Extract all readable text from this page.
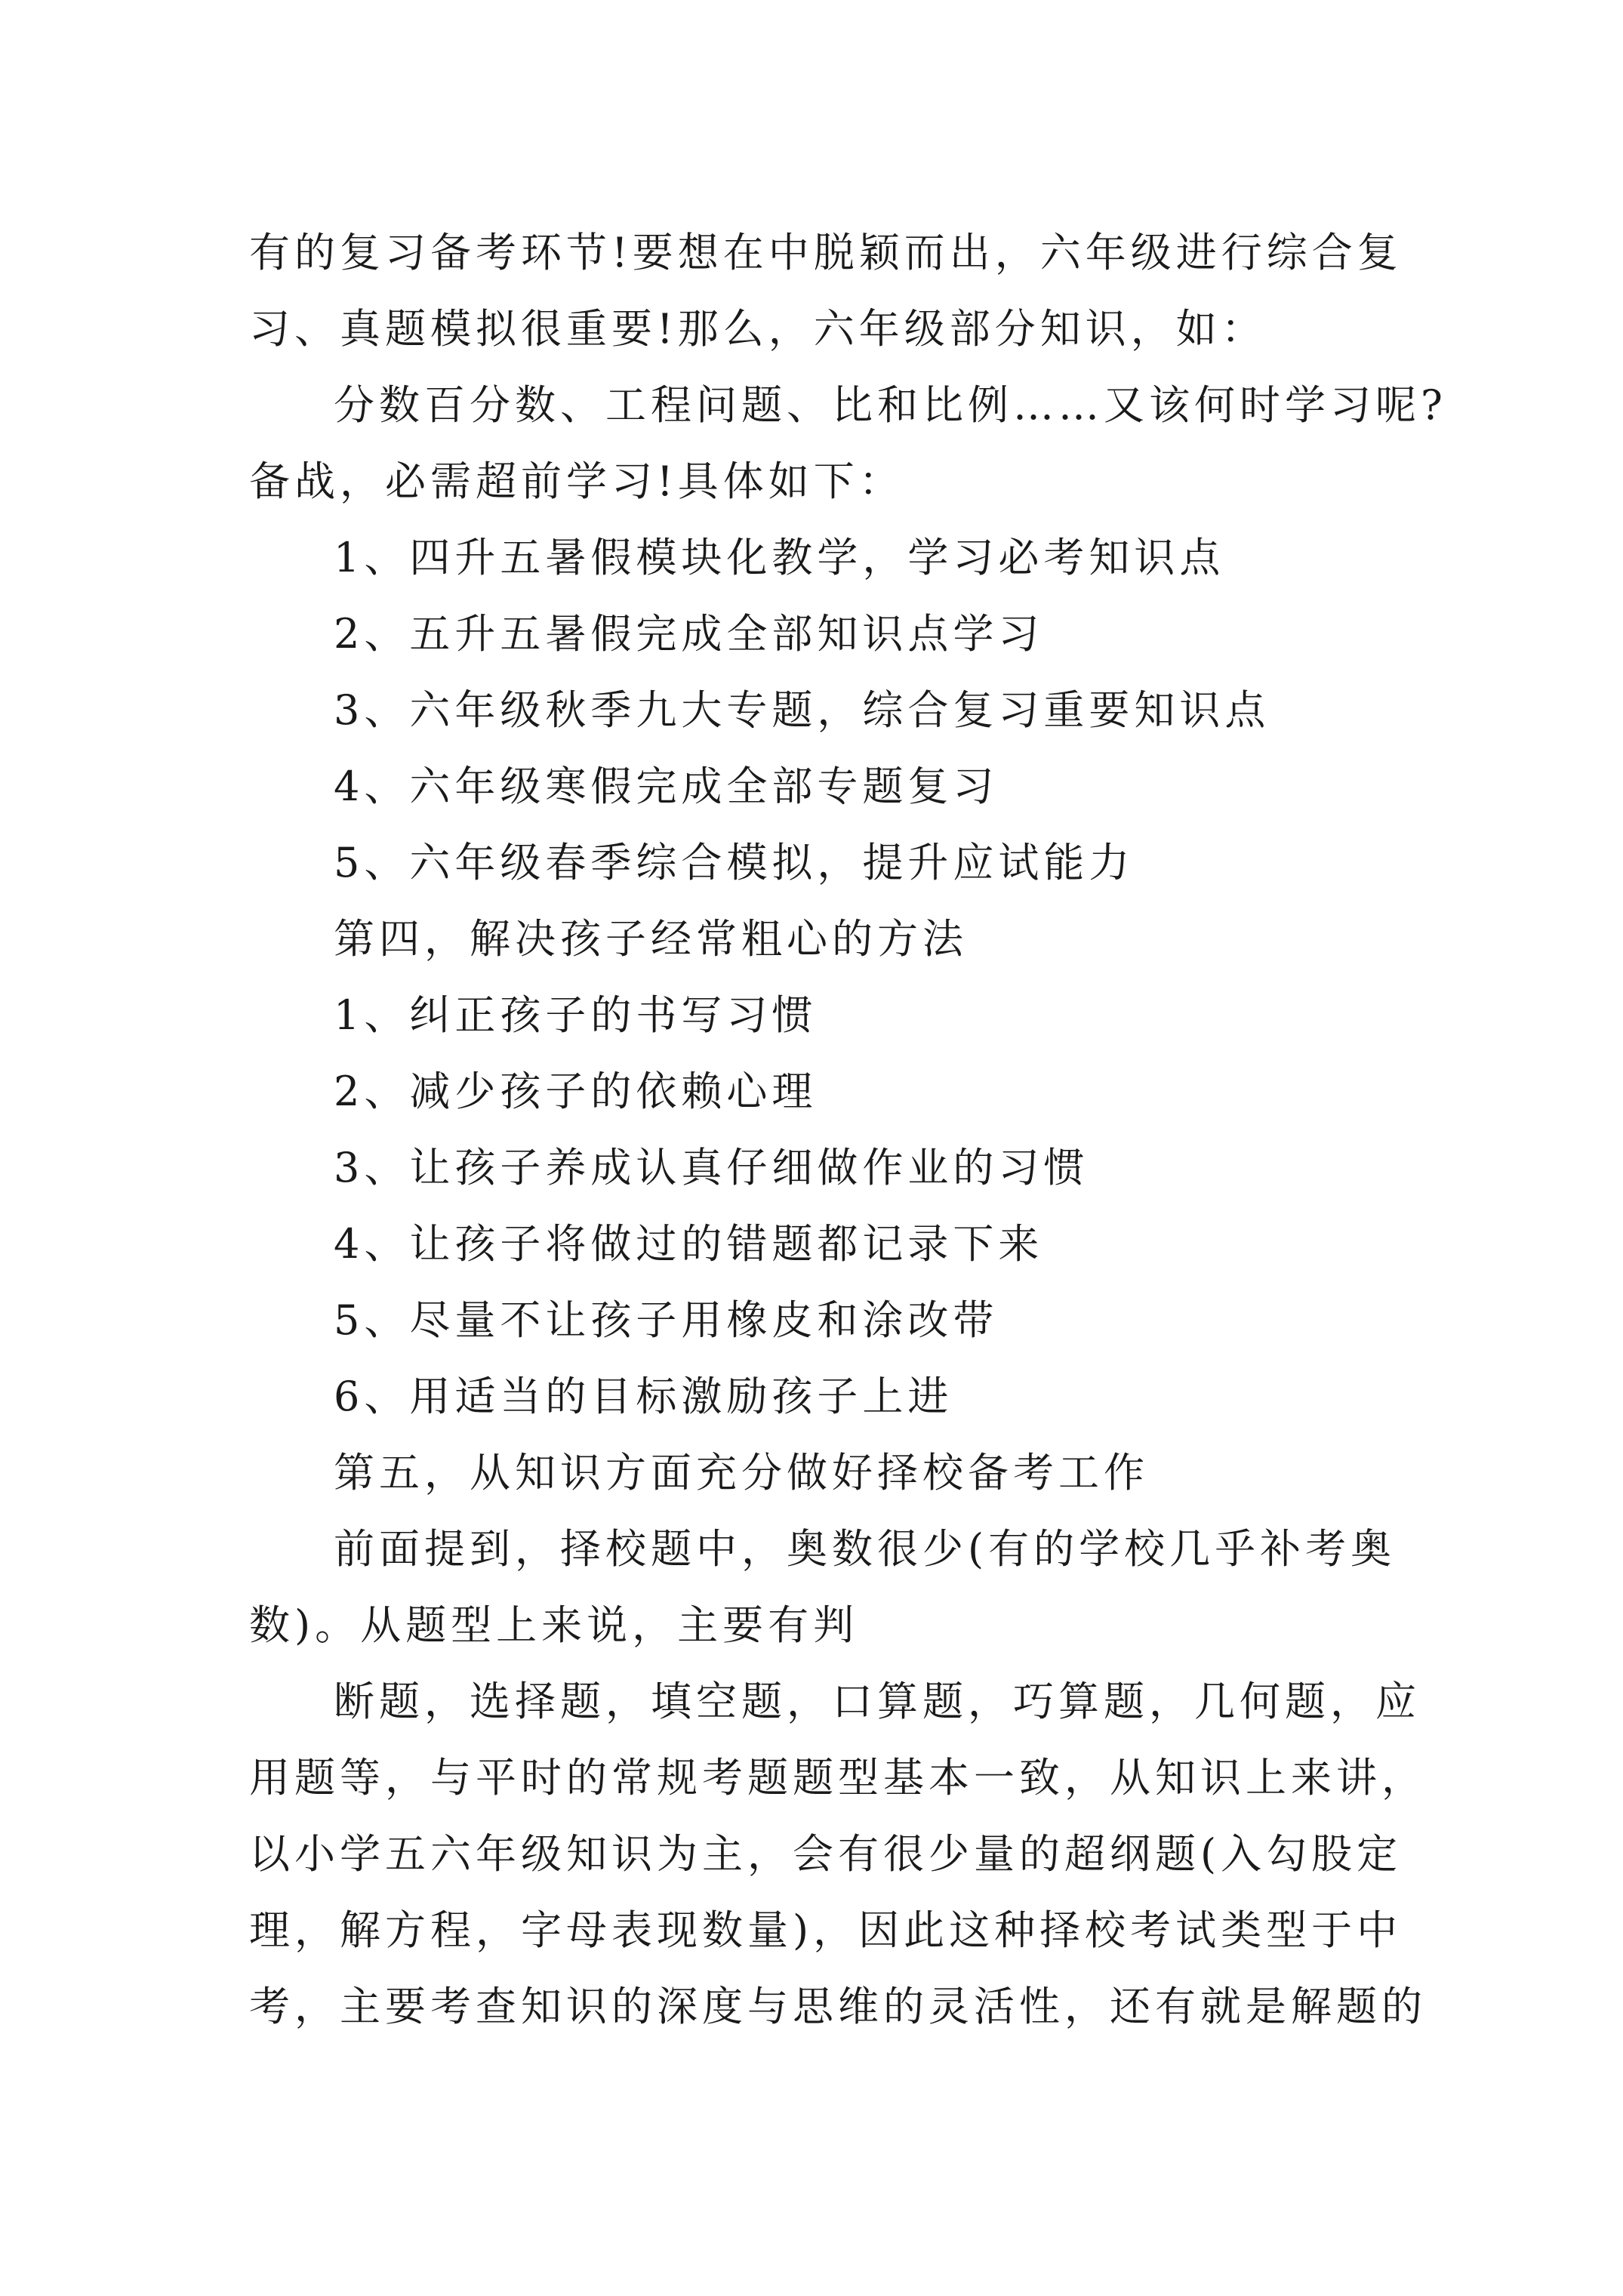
有的复习备考环节!要想在中脱颖而出，六年级进行综合复
习、真题模拟很重要!那么，六年级部分知识，如：
分数百分数、工程问题、比和比例……又该何时学习呢?
备战，必需超前学习!具体如下：
1、四升五暑假模块化教学，学习必考知识点
2、五升五暑假完成全部知识点学习
3、六年级秋季九大专题，综合复习重要知识点
4、六年级寒假完成全部专题复习
5、六年级春季综合模拟，提升应试能力
第四，解决孩子经常粗心的方法
1、纠正孩子的书写习惯
2、减少孩子的依赖心理
3、让孩子养成认真仔细做作业的习惯
4、让孩子将做过的错题都记录下来
5、尽量不让孩子用橡皮和涂改带
6、用适当的目标激励孩子上进
第五，从知识方面充分做好择校备考工作
前面提到，择校题中，奥数很少(有的学校几乎补考奥
数)。从题型上来说，主要有判
断题，选择题，填空题，口算题，巧算题，几何题，应
用题等，与平时的常规考题题型基本一致，从知识上来讲，
以小学五六年级知识为主，会有很少量的超纲题(入勾股定
理，解方程，字母表现数量)，因此这种择校考试类型于中
考，主要考查知识的深度与思维的灵活性，还有就是解题的
